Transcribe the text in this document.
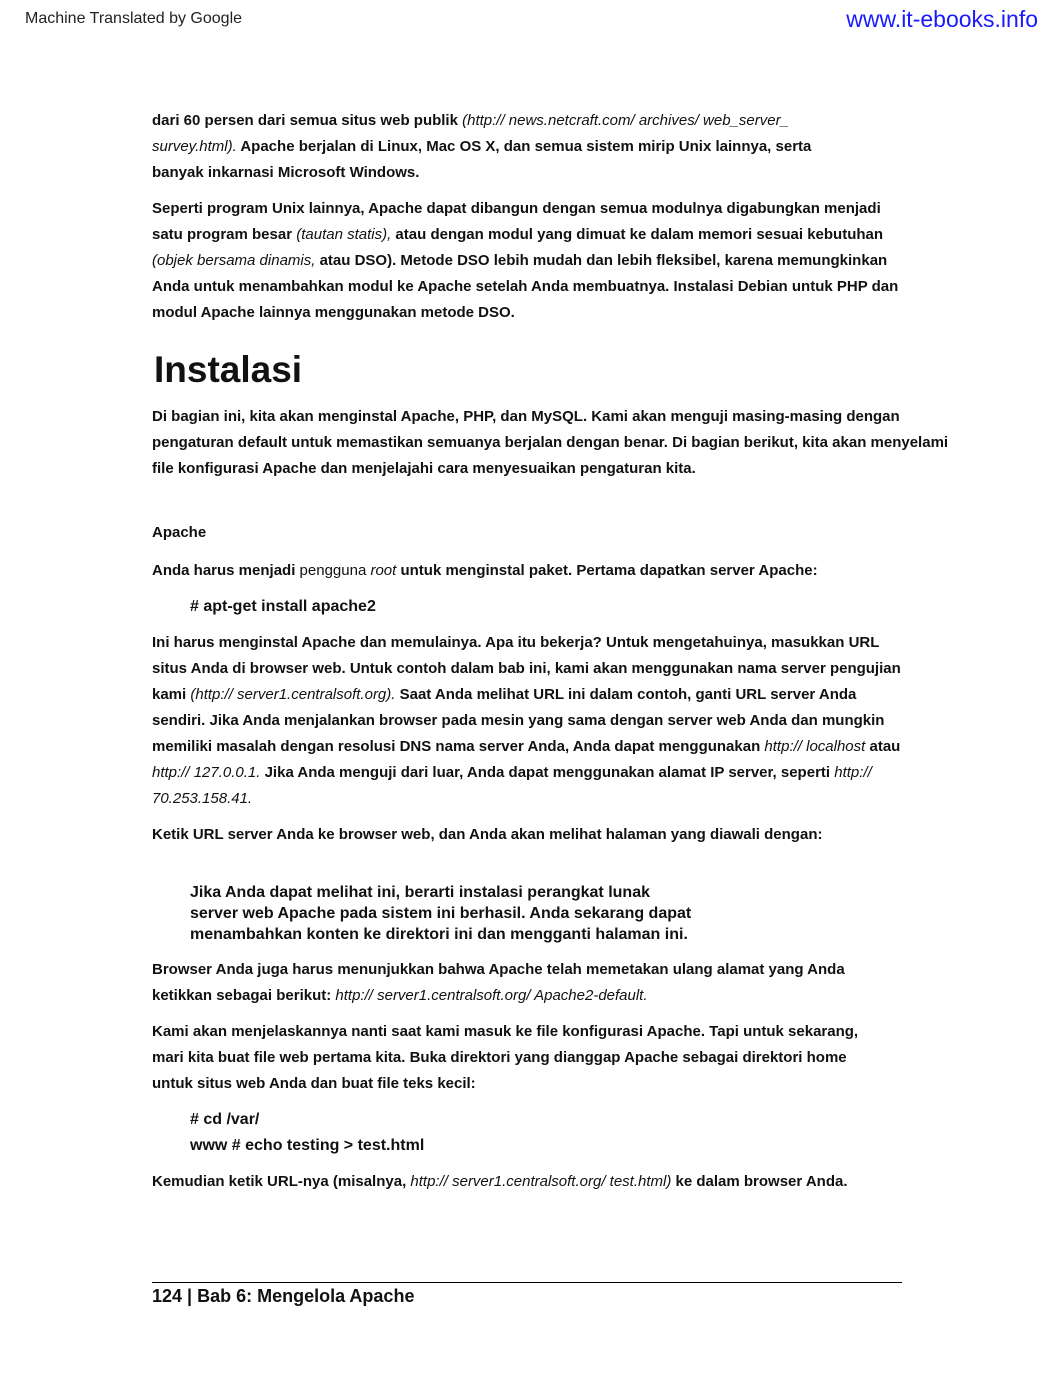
Machine Translated by Google	www.it-ebooks.info

dari 60 persen dari semua situs web publik (http:// news.netcraft.com/ archives/ web_server_ survey.html). Apache berjalan di Linux, Mac OS X, dan semua sistem mirip Unix lainnya, serta banyak inkarnasi Microsoft Windows.

Seperti program Unix lainnya, Apache dapat dibangun dengan semua modulnya digabungkan menjadi satu program besar (tautan statis), atau dengan modul yang dimuat ke dalam memori sesuai kebutuhan (objek bersama dinamis, atau DSO). Metode DSO lebih mudah dan lebih fleksibel, karena memungkinkan Anda untuk menambahkan modul ke Apache setelah Anda membuatnya. Instalasi Debian untuk PHP dan modul Apache lainnya menggunakan metode DSO.

Instalasi

Di bagian ini, kita akan menginstal Apache, PHP, dan MySQL. Kami akan menguji masing-masing dengan pengaturan default untuk memastikan semuanya berjalan dengan benar. Di bagian berikut, kita akan menyelami file konfigurasi Apache dan menjelajahi cara menyesuaikan pengaturan kita.

Apache

Anda harus menjadi pengguna root untuk menginstal paket. Pertama dapatkan server Apache:

# apt-get install apache2

Ini harus menginstal Apache dan memulainya. Apa itu bekerja? Untuk mengetahuinya, masukkan URL situs Anda di browser web. Untuk contoh dalam bab ini, kami akan menggunakan nama server pengujian kami (http:// server1.centralsoft.org). Saat Anda melihat URL ini dalam contoh, ganti URL server Anda sendiri. Jika Anda menjalankan browser pada mesin yang sama dengan server web Anda dan mungkin memiliki masalah dengan resolusi DNS nama server Anda, Anda dapat menggunakan http:// localhost atau http:// 127.0.0.1. Jika Anda menguji dari luar, Anda dapat menggunakan alamat IP server, seperti http:// 70.253.158.41.

Ketik URL server Anda ke browser web, dan Anda akan melihat halaman yang diawali dengan:

Jika Anda dapat melihat ini, berarti instalasi perangkat lunak
server web Apache pada sistem ini berhasil. Anda sekarang dapat
menambahkan konten ke direktori ini dan mengganti halaman ini.

Browser Anda juga harus menunjukkan bahwa Apache telah memetakan ulang alamat yang Anda ketikkan sebagai berikut: http:// server1.centralsoft.org/ Apache2-default.

Kami akan menjelaskannya nanti saat kami masuk ke file konfigurasi Apache. Tapi untuk sekarang, mari kita buat file web pertama kita. Buka direktori yang dianggap Apache sebagai direktori home untuk situs web Anda dan buat file teks kecil:

# cd /var/
www # echo testing > test.html

Kemudian ketik URL-nya (misalnya, http:// server1.centralsoft.org/ test.html) ke dalam browser Anda.

124 | Bab 6: Mengelola Apache
